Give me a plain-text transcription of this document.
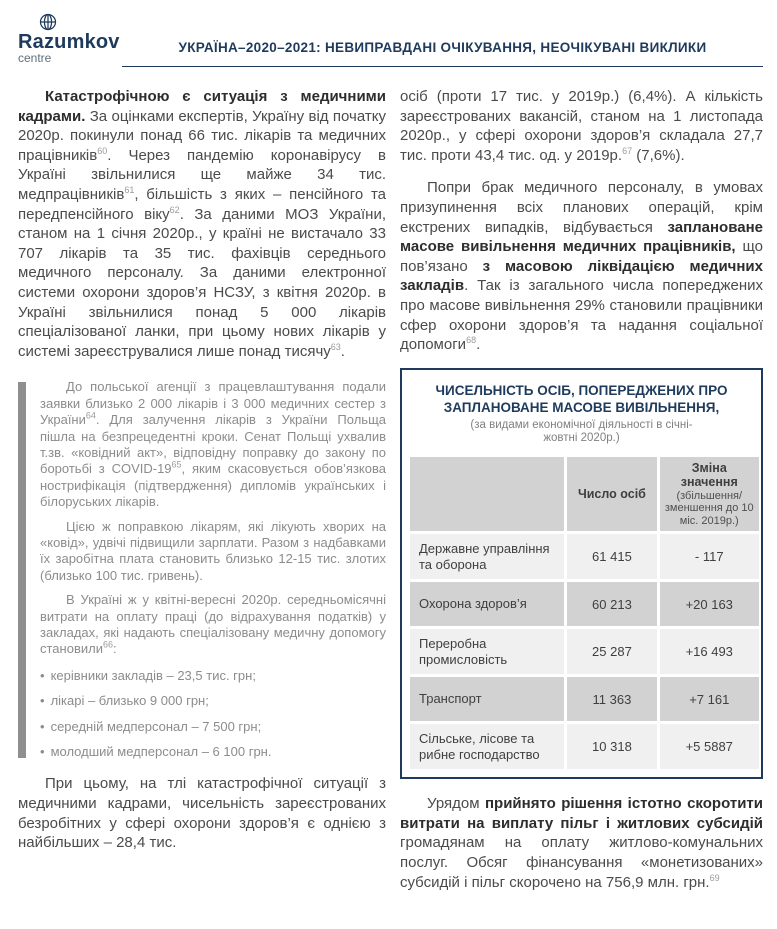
Razumkov
centre
УКРАЇНА–2020–2021: НЕВИПРАВДАНІ ОЧІКУВАННЯ, НЕОЧІКУВАНІ ВИКЛИКИ

Катастрофічною є ситуація з медичними кадрами. За оцінками експертів, Україну від початку 2020р. покинули понад 66 тис. лікарів та медичних працівників$^{60}$. Через пандемію коронавірусу в Україні звільнилися ще майже 34 тис. медпрацівників$^{61}$, більшість з яких – пенсійного та передпенсійного віку$^{62}$. За даними МОЗ України, станом на 1 січня 2020р., у країні не вистачало 33 707 лікарів та 35 тис. фахівців середнього медичного персоналу. За даними електронної системи охорони здоров’я НСЗУ, з квітня 2020р. в Україні звільнилися понад 5 000 лікарів спеціалізованої ланки, при цьому нових лікарів у системі зареєструвалися лише понад тисячу$^{63}$.

До польської агенції з працевлаштування подали заявки близько 2 000 лікарів і 3 000 медичних сестер з України$^{64}$. Для залучення лікарів з України Польща пішла на безпрецедентні кроки. Сенат Польщі ухвалив т.зв. «ковідний акт», відповідну поправку до закону по боротьбі з COVID-$19^{65}$, яким скасовується обов’язкова нострифікація (підтвердження) дипломів українських і білоруських лікарів.

Цією ж поправкою лікарям, які лікують хворих на «ковід», удвічі підвищили зарплати. Разом з надбавками їх заробітна плата становить близько 12-15 тис. злотих (близько 100 тис. гривень).

В Україні ж у квітні-вересні 2020р. середньомісячні витрати на оплату праці (до відрахування податків) у закладах, які надають спеціалізовану медичну допомогу становили$^{66}$:

• керівники закладів – 23,5 тис. грн;
• лікарі – близько 9 000 грн;
• середній медперсонал – 7 500 грн;
• молодший медперсонал – 6 100 грн.

При цьому, на тлі катастрофічної ситуації з медичними кадрами, чисельність зареєстрованих безробітних у сфері охорони здоров’я є однією з найбільших – 28,4 тис.

осіб (проти 17 тис. у 2019р.) (6,4%). А кількість зареєстрованих вакансій, станом на 1 листопада 2020р., у сфері охорони здоров’я складала 27,7 тис. проти 43,4 тис. од. у 2019р.$^{67}$ (7,6%).

Попри брак медичного персоналу, в умовах призупинення всіх планових операцій, крім екстрених випадків, відбувається заплановане масове вивільнення медичних працівників, що пов’язано з масовою ліквідацією медичних закладів. Так із загального числа попереджених про масове вивільнення 29% становили працівники сфер охорони здоров’я та надання соціальної допомоги$^{68}$.

ЧИСЕЛЬНІСТЬ ОСІБ, ПОПЕРЕДЖЕНИХ ПРО ЗАПЛАНОВАНЕ МАСОВЕ ВИВІЛЬНЕННЯ,
(за видами економічної діяльності в січні-жовтні 2020р.)
Число осіб
Зміна значення
(збільшення/ зменшення до 10 міс. 2019р.)
Державне управління та оборона	61 415	- 117
Охорона здоров’я	60 213	+20 163
Переробна промисловість	25 287	+16 493
Транспорт	11 363	+7 161
Сільське, лісове та рибне господарство	10 318	+5 5887

Урядом прийнято рішення істотно скоротити витрати на виплату пільг і житлових субсидій громадянам на оплату житлово-комунальних послуг. Обсяг фінансування «монетизованих» субсидій і пільг скорочено на 756,9 млн. грн.$^{69}$
